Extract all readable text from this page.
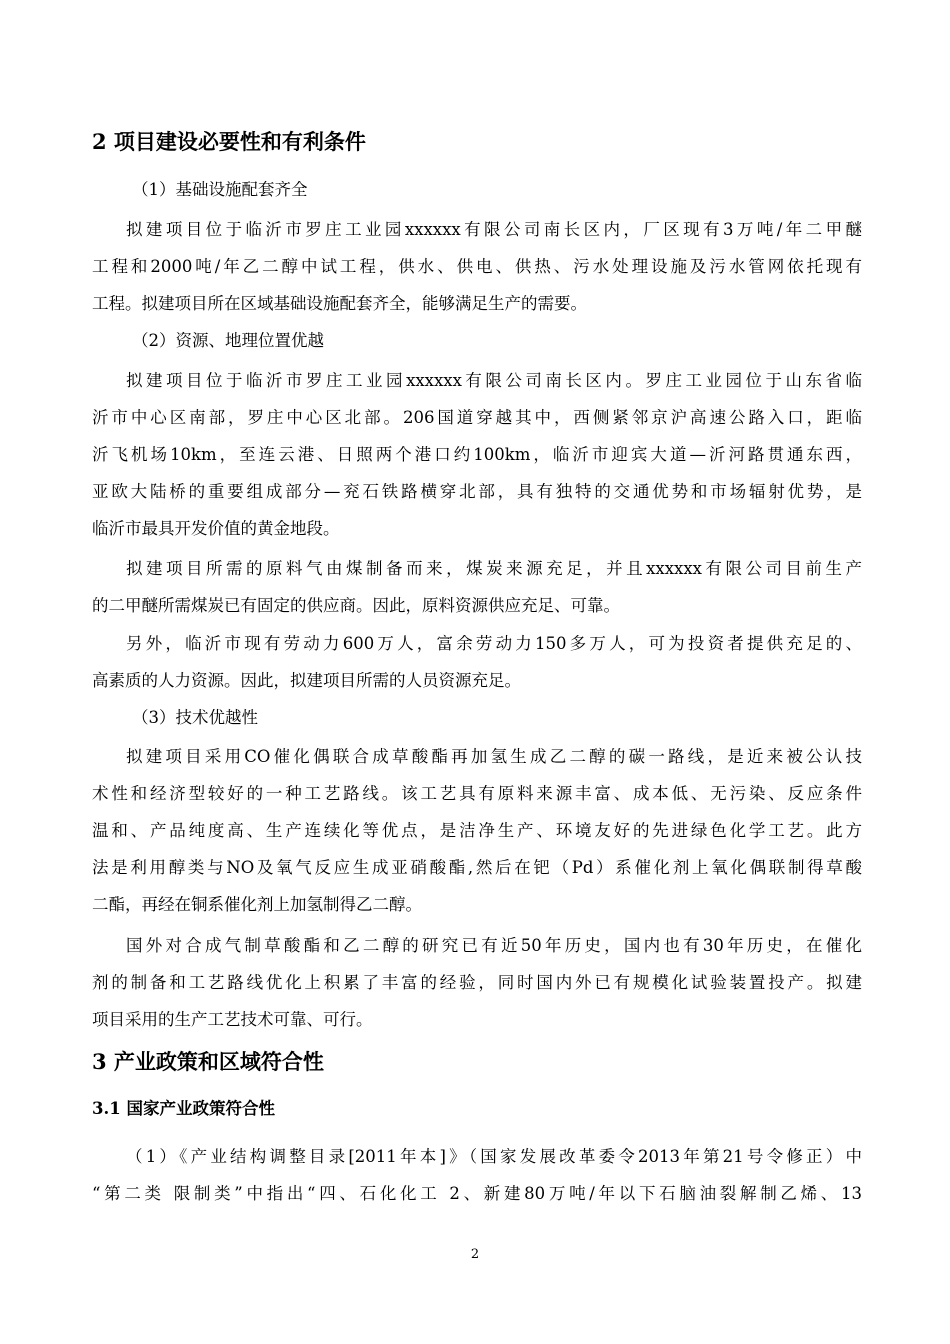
2 项目建设必要性和有利条件
（1）基础设施配套齐全
拟建项目位于临沂市罗庄工业园xxxxxx有限公司南长区内，厂区现有3万吨/年二甲醚
工程和2000吨/年乙二醇中试工程，供水、供电、供热、污水处理设施及污水管网依托现有
工程。拟建项目所在区域基础设施配套齐全，能够满足生产的需要。
（2）资源、地理位置优越
拟建项目位于临沂市罗庄工业园xxxxxx有限公司南长区内。罗庄工业园位于山东省临
沂市中心区南部，罗庄中心区北部。206国道穿越其中，西侧紧邻京沪高速公路入口，距临
沂飞机场10km，至连云港、日照两个港口约100km，临沂市迎宾大道—沂河路贯通东西，
亚欧大陆桥的重要组成部分—兖石铁路横穿北部，具有独特的交通优势和市场辐射优势，是
临沂市最具开发价值的黄金地段。
拟建项目所需的原料气由煤制备而来，煤炭来源充足，并且xxxxxx有限公司目前生产
的二甲醚所需煤炭已有固定的供应商。因此，原料资源供应充足、可靠。
另外，临沂市现有劳动力600万人，富余劳动力150多万人，可为投资者提供充足的、
高素质的人力资源。因此，拟建项目所需的人员资源充足。
（3）技术优越性
拟建项目采用CO催化偶联合成草酸酯再加氢生成乙二醇的碳一路线，是近来被公认技
术性和经济型较好的一种工艺路线。该工艺具有原料来源丰富、成本低、无污染、反应条件
温和、产品纯度高、生产连续化等优点，是洁净生产、环境友好的先进绿色化学工艺。此方
法是利用醇类与NO及氧气反应生成亚硝酸酯,然后在钯（Pd）系催化剂上氧化偶联制得草酸
二酯，再经在铜系催化剂上加氢制得乙二醇。
国外对合成气制草酸酯和乙二醇的研究已有近50年历史，国内也有30年历史，在催化
剂的制备和工艺路线优化上积累了丰富的经验，同时国内外已有规模化试验装置投产。拟建
项目采用的生产工艺技术可靠、可行。
3 产业政策和区域符合性
3.1 国家产业政策符合性
（1）《产业结构调整目录[2011年本]》（国家发展改革委令2013年第21号令修正）中
“第二类 限制类”中指出“四、石化化工 2、新建80万吨/年以下石脑油裂解制乙烯、13
2
